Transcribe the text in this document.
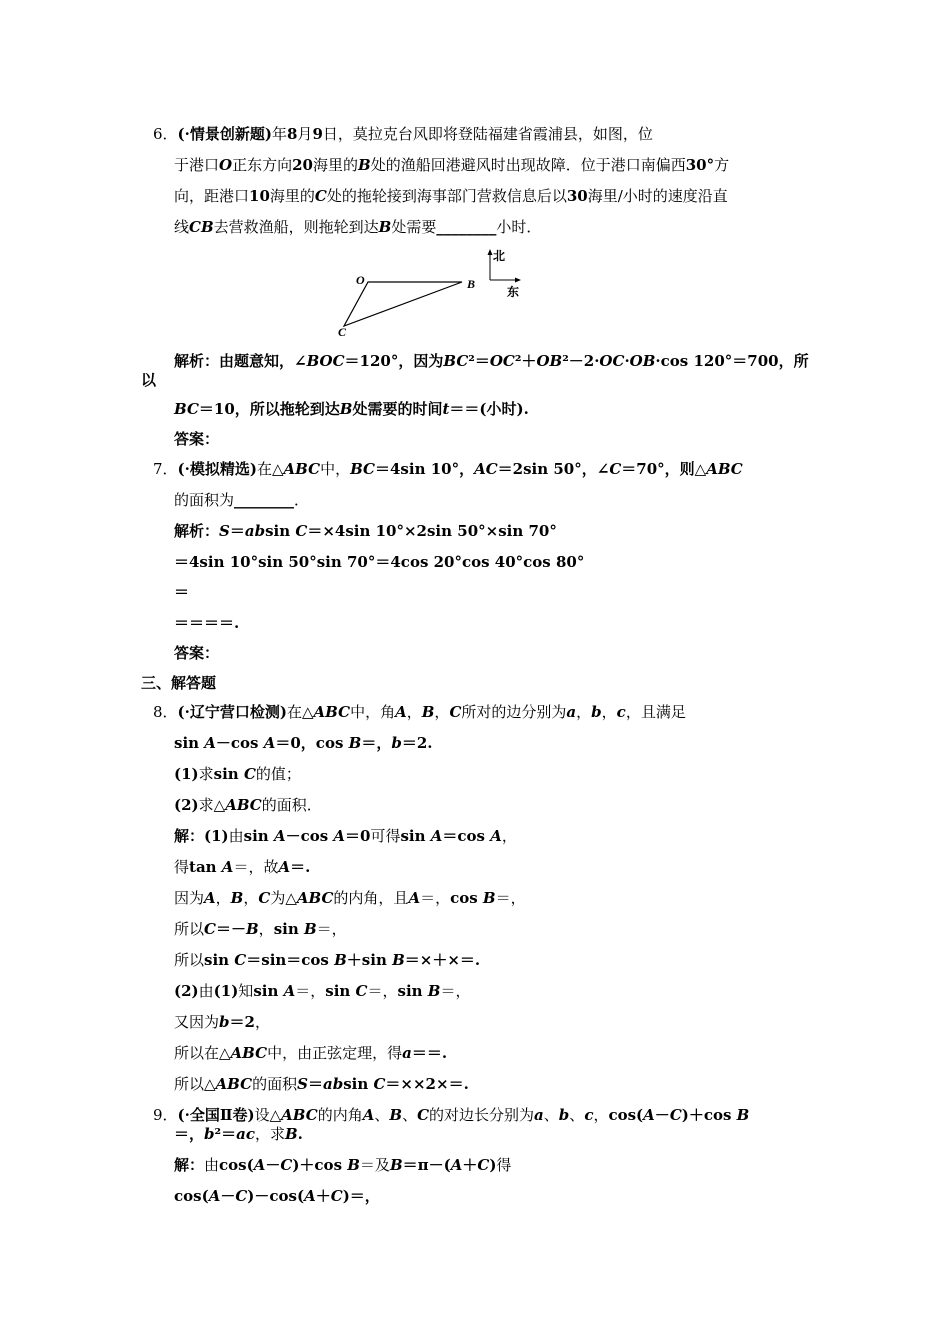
6．(·情景创新题)年8月9日，莫拉克台风即将登陆福建省霞浦县，如图，位
于港口O正东方向20海里的B处的渔船回港避风时出现故障．位于港口南偏西30°方
向，距港口10海里的C处的拖轮接到海事部门营救信息后以30海里/小时的速度沿直
线CB去营救渔船，则拖轮到达B处需要________小时．
解析：由题意知，∠BOC＝120°，因为BC²＝OC²＋OB²－2·OC·OB·cos 120°＝700，所
以
BC＝10，所以拖轮到达B处需要的时间t＝＝(小时).
答案：
7．(·模拟精选)在△ABC中，BC＝4sin 10°，AC＝2sin 50°，∠C＝70°，则△ABC
的面积为________．
解析：S＝absin C＝×4sin 10°×2sin 50°×sin 70°
＝4sin 10°sin 50°sin 70°＝4cos 20°cos 40°cos 80°
＝
＝＝＝＝.
答案：
三、解答题
8．(·辽宁营口检测)在△ABC中，角A，B，C所对的边分别为a，b，c，且满足
sin A－cos A＝0，cos B＝，b＝2.
(1)求sin C的值；
(2)求△ABC的面积．
解：(1)由sin A－cos A＝0可得sin A＝cos A，
得tan A＝，故A＝.
因为A，B，C为△ABC的内角，且A＝，cos B＝，
所以C＝－B，sin B＝，
所以sin C＝sin＝cos B＋sin B＝×＋×＝.
(2)由(1)知sin A＝，sin C＝，sin B＝，
又因为b＝2，
所以在△ABC中，由正弦定理，得a＝＝.
所以△ABC的面积S＝absin C＝××2×＝.
9．(·全国Ⅱ卷)设△ABC的内角A、B、C的对边长分别为a、b、c，cos(A－C)＋cos B
＝，b²＝ac，求B.
解：由cos(A－C)＋cos B＝及B＝π－(A＋C)得
cos(A－C)－cos(A＋C)＝，
O	B
C
北
东
